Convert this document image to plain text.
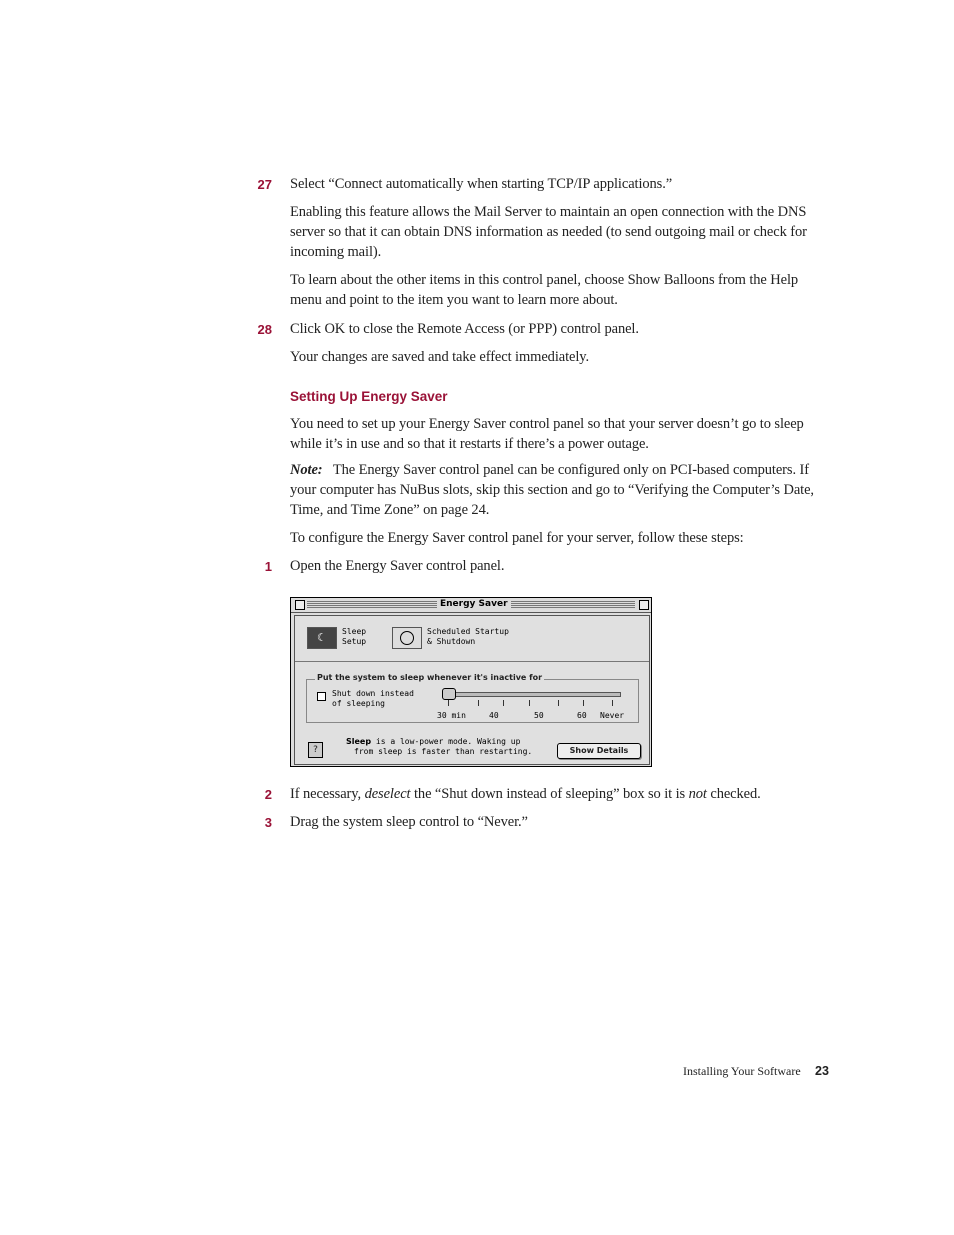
27 Select “Connect automatically when starting TCP/IP applications.”
Enabling this feature allows the Mail Server to maintain an open connection with the DNS server so that it can obtain DNS information as needed (to send outgoing mail or check for incoming mail).
To learn about the other items in this control panel, choose Show Balloons from the Help menu and point to the item you want to learn more about.
28 Click OK to close the Remote Access (or PPP) control panel.
Your changes are saved and take effect immediately.
Setting Up Energy Saver
You need to set up your Energy Saver control panel so that your server doesn’t go to sleep while it’s in use and so that it restarts if there’s a power outage.
Note: The Energy Saver control panel can be configured only on PCI-based computers. If your computer has NuBus slots, skip this section and go to “Verifying the Computer’s Date, Time, and Time Zone” on page 24.
To configure the Energy Saver control panel for your server, follow these steps:
1 Open the Energy Saver control panel.
Energy Saver
☾ Sleep
Setup
Scheduled Startup
& Shutdown
Put the system to sleep whenever it's inactive for
Shut down instead
of sleeping
30 min	40	50	60 Never
?
Sleep is a low-power mode. Waking up
from sleep is faster than restarting.	Show Details
2 If necessary, deselect the “Shut down instead of sleeping” box so it is not checked.
3 Drag the system sleep control to “Never.”
Installing Your Software 23
